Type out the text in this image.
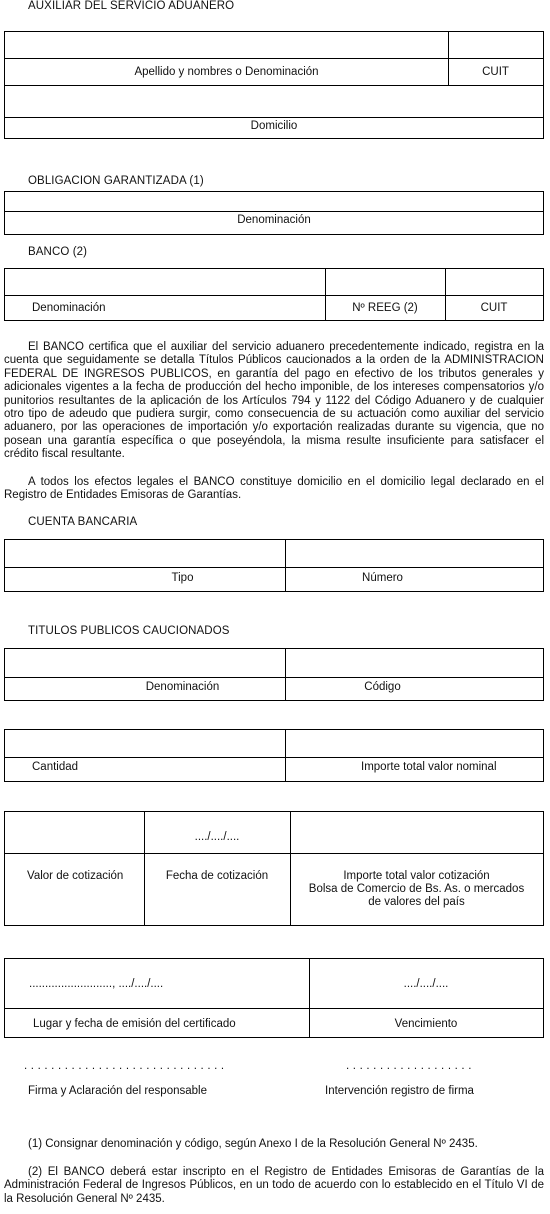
AUXILIAR DEL SERVICIO ADUANERO
Apellido y nombres o Denominación	CUIT
Domicilio
OBLIGACION GARANTIZADA (1)
Denominación
BANCO (2)
Denominación	Nº REEG (2)	CUIT
El BANCO certifica que el auxiliar del servicio aduanero precedentemente indicado, registra en la cuenta que seguidamente se detalla Títulos Públicos caucionados a la orden de la ADMINISTRACION FEDERAL DE INGRESOS PUBLICOS, en garantía del pago en efectivo de los tributos generales y adicionales vigentes a la fecha de producción del hecho imponible, de los intereses compensatorios y/o punitorios resultantes de la aplicación de los Artículos 794 y 1122 del Código Aduanero y de cualquier otro tipo de adeudo que pudiera surgir, como consecuencia de su actuación como auxiliar del servicio aduanero, por las operaciones de importación y/o exportación realizadas durante su vigencia, que no posean una garantía específica o que poseyéndola, la misma resulte insuficiente para satisfacer el crédito fiscal resultante.
A todos los efectos legales el BANCO constituye domicilio en el domicilio legal declarado en el Registro de Entidades Emisoras de Garantías.
CUENTA BANCARIA
Tipo	Número
TITULOS PUBLICOS CAUCIONADOS
Denominación	Código
Cantidad	Importe total valor nominal
..../..../....
Valor de cotización	Fecha de cotización	Importe total valor cotización
Bolsa de Comercio de Bs. As. o mercados
de valores del país
.........................., ..../..../....	..../..../....
Lugar y fecha de emisión del certificado	Vencimiento
. . . . . . . . . . . . . . . . . . . . . . . . . . . . . .	. . . . . . . . . . . . . . . . . . .
Firma y Aclaración del responsable	Intervención registro de firma
(1) Consignar denominación y código, según Anexo I de la Resolución General Nº 2435.
(2) El BANCO deberá estar inscripto en el Registro de Entidades Emisoras de Garantías de la Administración Federal de Ingresos Públicos, en un todo de acuerdo con lo establecido en el Título VI de la Resolución General Nº 2435.
